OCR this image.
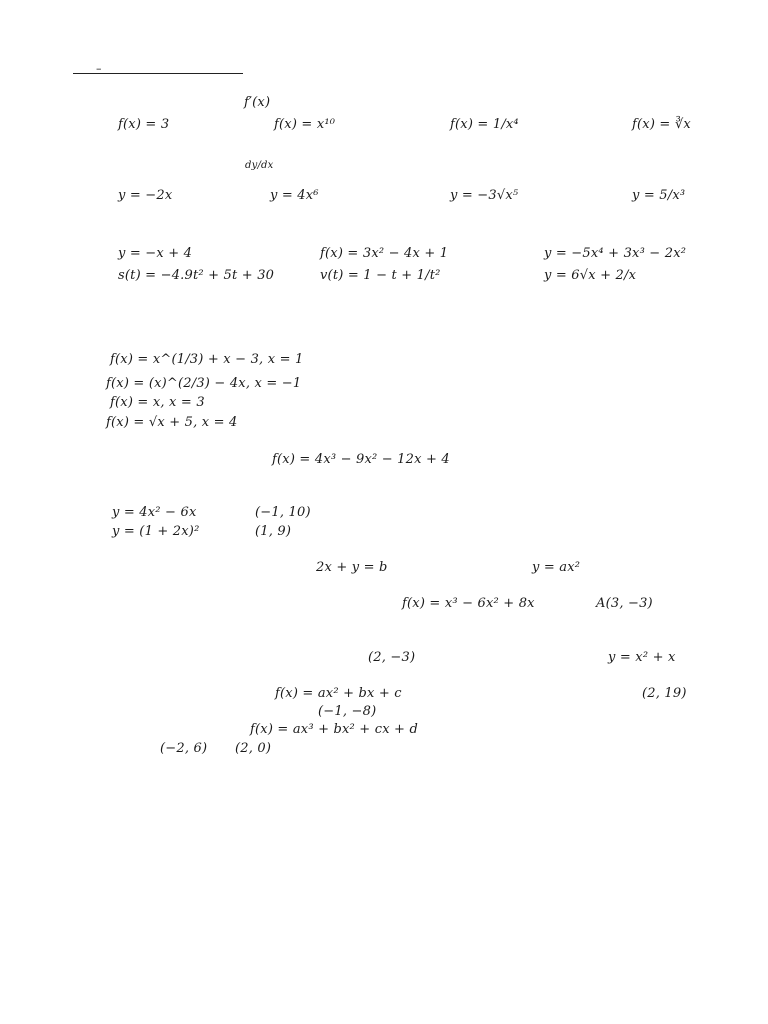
–
f′(x)
f(x) = 3	f(x) = x¹⁰	f(x) = 1/x⁴	f(x) = ∛x
dy/dx
y = −2x	y = 4x⁶	y = −3√x⁵	y = 5/x³
y = −x + 4	f(x) = 3x² − 4x + 1	y = −5x⁴ + 3x³ − 2x²
s(t) = −4.9t² + 5t + 30	v(t) = 1 − t + 1/t²	y = 6√x + 2/x
f(x) = x^(1/3) + x − 3, x = 1
f(x) = (x)^(2/3) − 4x, x = −1
f(x) = x, x = 3
f(x) = √x + 5, x = 4
f(x) = 4x³ − 9x² − 12x + 4
y = 4x² − 6x	(−1, 10)
y = (1 + 2x)²	(1, 9)
2x + y = b	y = ax²
f(x) = x³ − 6x² + 8x	A(3, −3)
(2, −3)	y = x² + x
f(x) = ax² + bx + c	(2, 19)
(−1, −8)
f(x) = ax³ + bx² + cx + d
(−2, 6) (2, 0)
